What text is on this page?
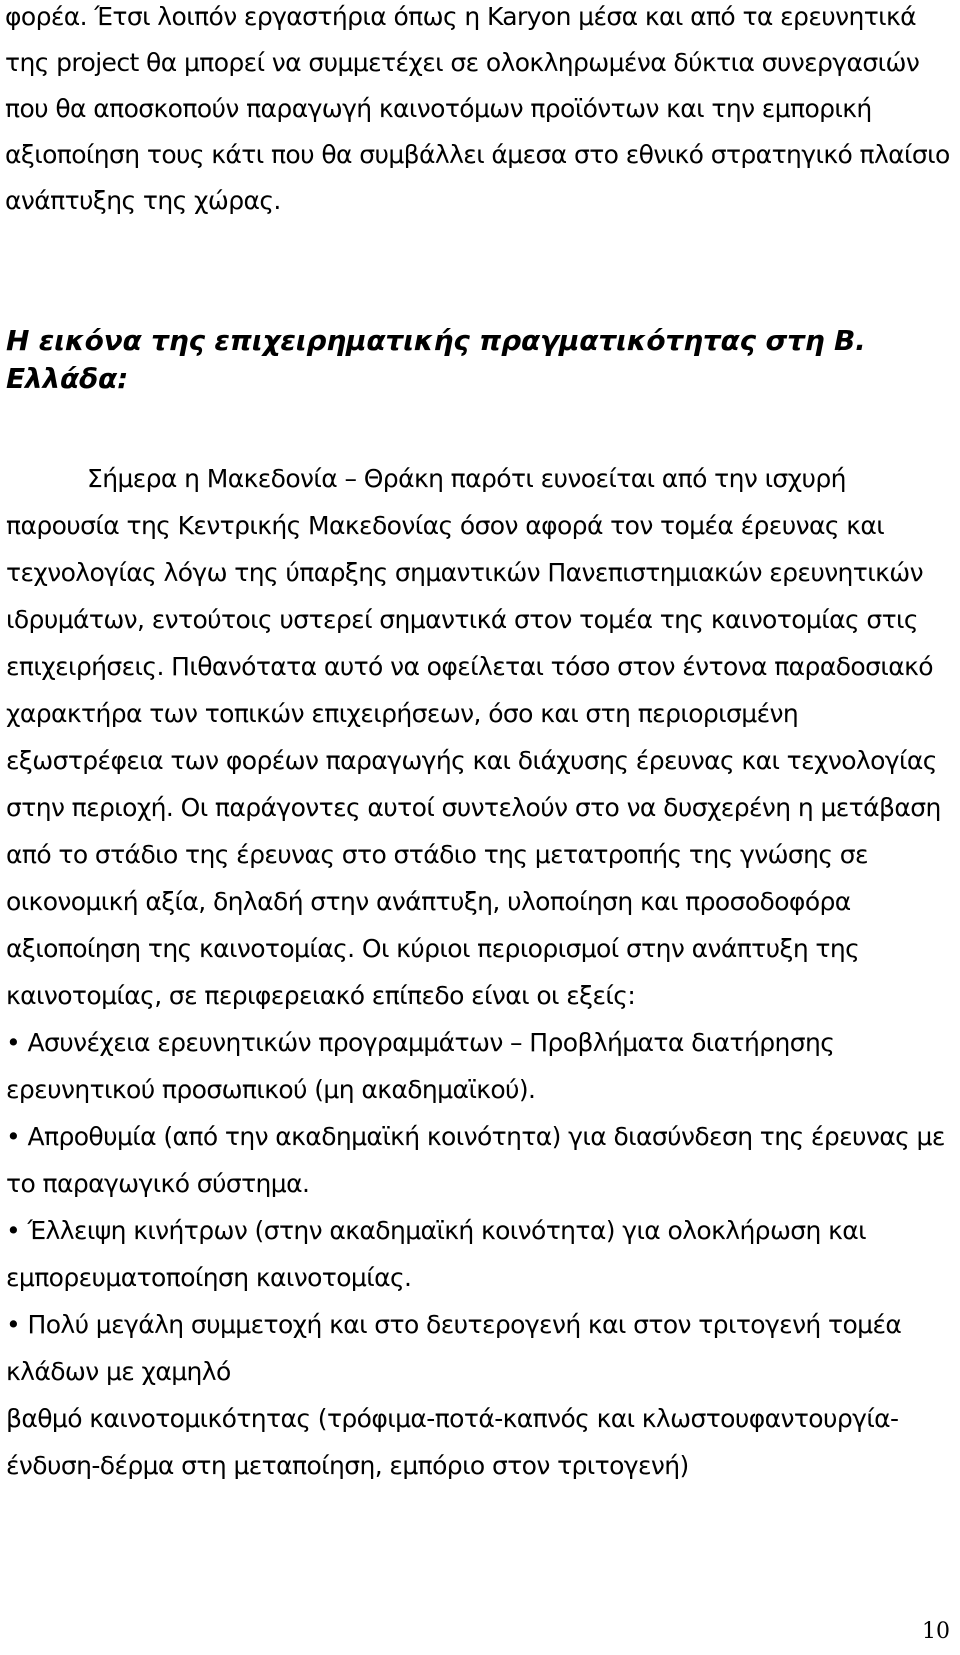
φορέα. Έτσι λοιπόν εργαστήρια όπως η Karyon μέσα και από τα ερευνητικά
της project θα μπορεί να συμμετέχει σε ολοκληρωμένα δύκτια συνεργασιών
που θα αποσκοπούν παραγωγή καινοτόμων προϊόντων και την εμπορική
αξιοποίηση τους κάτι που θα συμβάλλει άμεσα στο εθνικό στρατηγικό πλαίσιο
ανάπτυξης της χώρας.
Η εικόνα της επιχειρηματικής πραγματικότητας στη Β.
Ελλάδα:
Σήμερα η Μακεδονία – Θράκη παρότι ευνοείται από την ισχυρή
παρουσία της Κεντρικής Μακεδονίας όσον αφορά τον τομέα έρευνας και
τεχνολογίας λόγω της ύπαρξης σημαντικών Πανεπιστημιακών ερευνητικών
ιδρυμάτων, εντούτοις υστερεί σημαντικά στον τομέα της καινοτομίας στις
επιχειρήσεις. Πιθανότατα αυτό να οφείλεται τόσο στον έντονα παραδοσιακό
χαρακτήρα των τοπικών επιχειρήσεων, όσο και στη περιορισμένη
εξωστρέφεια των φορέων παραγωγής και διάχυσης έρευνας και τεχνολογίας
στην περιοχή. Οι παράγοντες αυτοί συντελούν στο να δυσχερένη η μετάβαση
από το στάδιο της έρευνας στο στάδιο της μετατροπής της γνώσης σε
οικονομική αξία, δηλαδή στην ανάπτυξη, υλοποίηση και προσοδοφόρα
αξιοποίηση της καινοτομίας. Οι κύριοι περιορισμοί στην ανάπτυξη της
καινοτομίας, σε περιφερειακό επίπεδο είναι οι εξείς:
• Ασυνέχεια ερευνητικών προγραμμάτων – Προβλήματα διατήρησης
ερευνητικού προσωπικού (μη ακαδημαϊκού).
• Απροθυμία (από την ακαδημαϊκή κοινότητα) για διασύνδεση της έρευνας με
το παραγωγικό σύστημα.
• Έλλειψη κινήτρων (στην ακαδημαϊκή κοινότητα) για ολοκλήρωση και
εμπορευματοποίηση καινοτομίας.
• Πολύ μεγάλη συμμετοχή και στο δευτερογενή και στον τριτογενή τομέα
κλάδων με χαμηλό
βαθμό καινοτομικότητας (τρόφιμα-ποτά-καπνός και κλωστουφαντουργία-
ένδυση-δέρμα στη μεταποίηση, εμπόριο στον τριτογενή)
10
